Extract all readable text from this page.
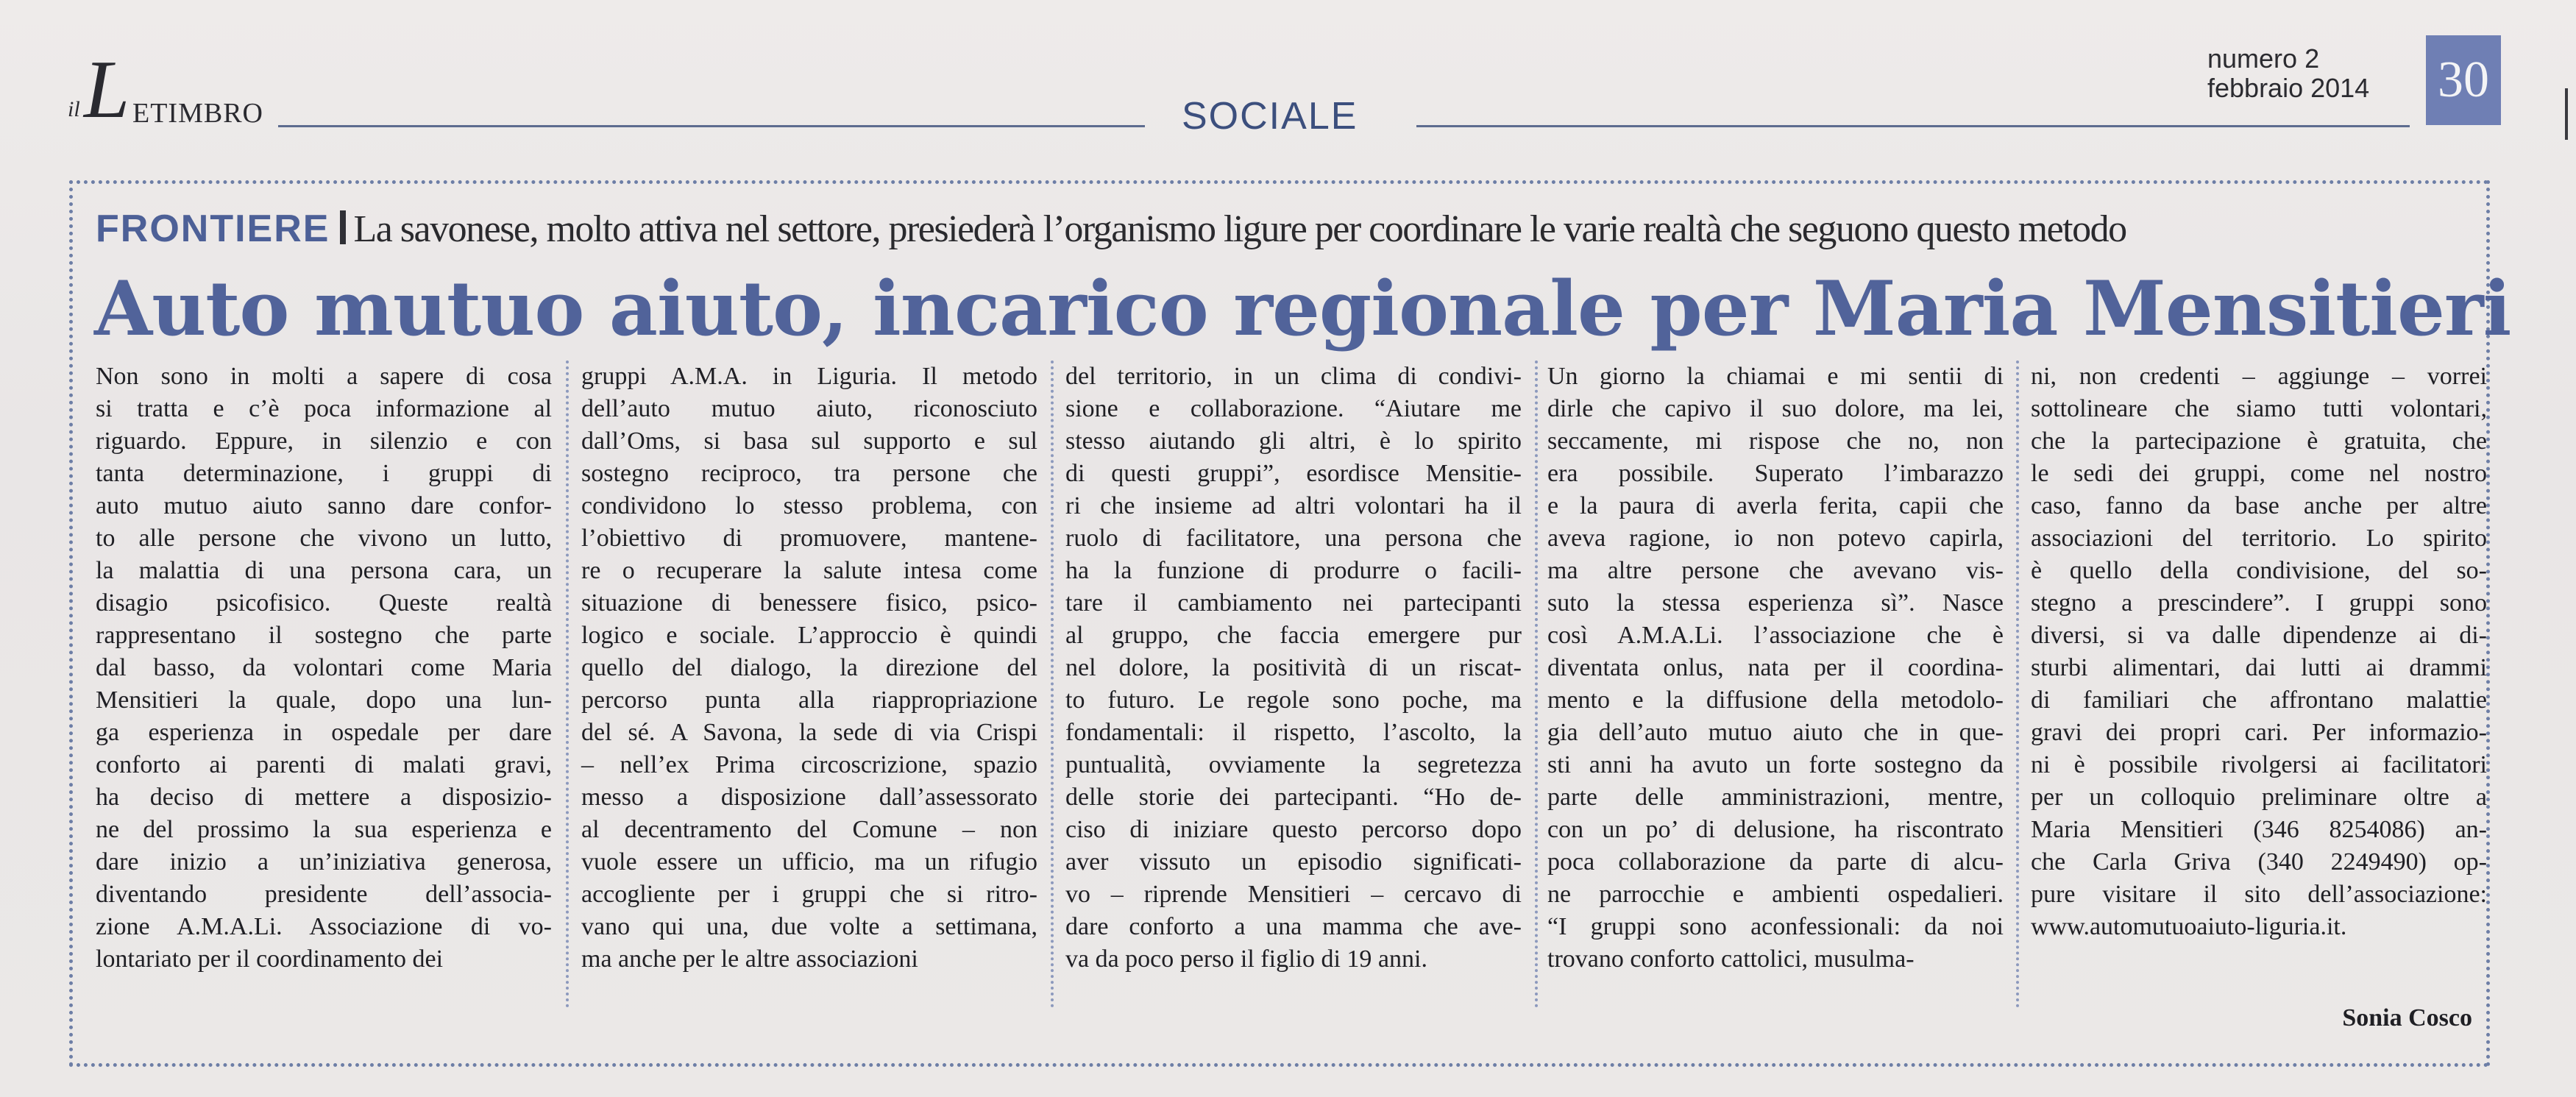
il L ETIMBRO	SOCIALE
numero 2
febbraio 2014	30
FRONTIERE La savonese, molto attiva nel settore, presiederà l’organismo ligure per coordinare le varie realtà che seguono questo metodo
Auto mutuo aiuto, incarico regionale per Maria Mensitieri
Non sono in molti a sapere di cosa
si tratta e c’è poca informazione al
riguardo. Eppure, in silenzio e con
tanta determinazione, i gruppi di
auto mutuo aiuto sanno dare confor-
to alle persone che vivono un lutto,
la malattia di una persona cara, un
disagio psicofisico. Queste realtà
rappresentano il sostegno che parte
dal basso, da volontari come Maria
Mensitieri la quale, dopo una lun-
ga esperienza in ospedale per dare
conforto ai parenti di malati gravi,
ha deciso di mettere a disposizio-
ne del prossimo la sua esperienza e
dare inizio a un’iniziativa generosa,
diventando presidente dell’associa-
zione A.M.A.Li. Associazione di vo-
lontariato per il coordinamento dei
gruppi A.M.A. in Liguria. Il metodo
dell’auto mutuo aiuto, riconosciuto
dall’Oms, si basa sul supporto e sul
sostegno reciproco, tra persone che
condividono lo stesso problema, con
l’obiettivo di promuovere, mantene-
re o recuperare la salute intesa come
situazione di benessere fisico, psico-
logico e sociale. L’approccio è quindi
quello del dialogo, la direzione del
percorso punta alla riappropriazione
del sé. A Savona, la sede di via Crispi
– nell’ex Prima circoscrizione, spazio
messo a disposizione dall’assessorato
al decentramento del Comune – non
vuole essere un ufficio, ma un rifugio
accogliente per i gruppi che si ritro-
vano qui una, due volte a settimana,
ma anche per le altre associazioni
del territorio, in un clima di condivi-
sione e collaborazione. “Aiutare me
stesso aiutando gli altri, è lo spirito
di questi gruppi”, esordisce Mensitie-
ri che insieme ad altri volontari ha il
ruolo di facilitatore, una persona che
ha la funzione di produrre o facili-
tare il cambiamento nei partecipanti
al gruppo, che faccia emergere pur
nel dolore, la positività di un riscat-
to futuro. Le regole sono poche, ma
fondamentali: il rispetto, l’ascolto, la
puntualità, ovviamente la segretezza
delle storie dei partecipanti. “Ho de-
ciso di iniziare questo percorso dopo
aver vissuto un episodio significati-
vo – riprende Mensitieri – cercavo di
dare conforto a una mamma che ave-
va da poco perso il figlio di 19 anni.
Un giorno la chiamai e mi sentii di
dirle che capivo il suo dolore, ma lei,
seccamente, mi rispose che no, non
era possibile. Superato l’imbarazzo
e la paura di averla ferita, capii che
aveva ragione, io non potevo capirla,
ma altre persone che avevano vis-
suto la stessa esperienza sì”. Nasce
così A.M.A.Li. l’associazione che è
diventata onlus, nata per il coordina-
mento e la diffusione della metodolo-
gia dell’auto mutuo aiuto che in que-
sti anni ha avuto un forte sostegno da
parte delle amministrazioni, mentre,
con un po’ di delusione, ha riscontrato
poca collaborazione da parte di alcu-
ne parrocchie e ambienti ospedalieri.
“I gruppi sono aconfessionali: da noi
trovano conforto cattolici, musulma-
ni, non credenti – aggiunge – vorrei
sottolineare che siamo tutti volontari,
che la partecipazione è gratuita, che
le sedi dei gruppi, come nel nostro
caso, fanno da base anche per altre
associazioni del territorio. Lo spirito
è quello della condivisione, del so-
stegno a prescindere”. I gruppi sono
diversi, si va dalle dipendenze ai di-
sturbi alimentari, dai lutti ai drammi
di familiari che affrontano malattie
gravi dei propri cari. Per informazio-
ni è possibile rivolgersi ai facilitatori
per un colloquio preliminare oltre a
Maria Mensitieri (346 8254086) an-
che Carla Griva (340 2249490) op-
pure visitare il sito dell’associazione:
www.automutuoaiuto-liguria.it.
Sonia Cosco
